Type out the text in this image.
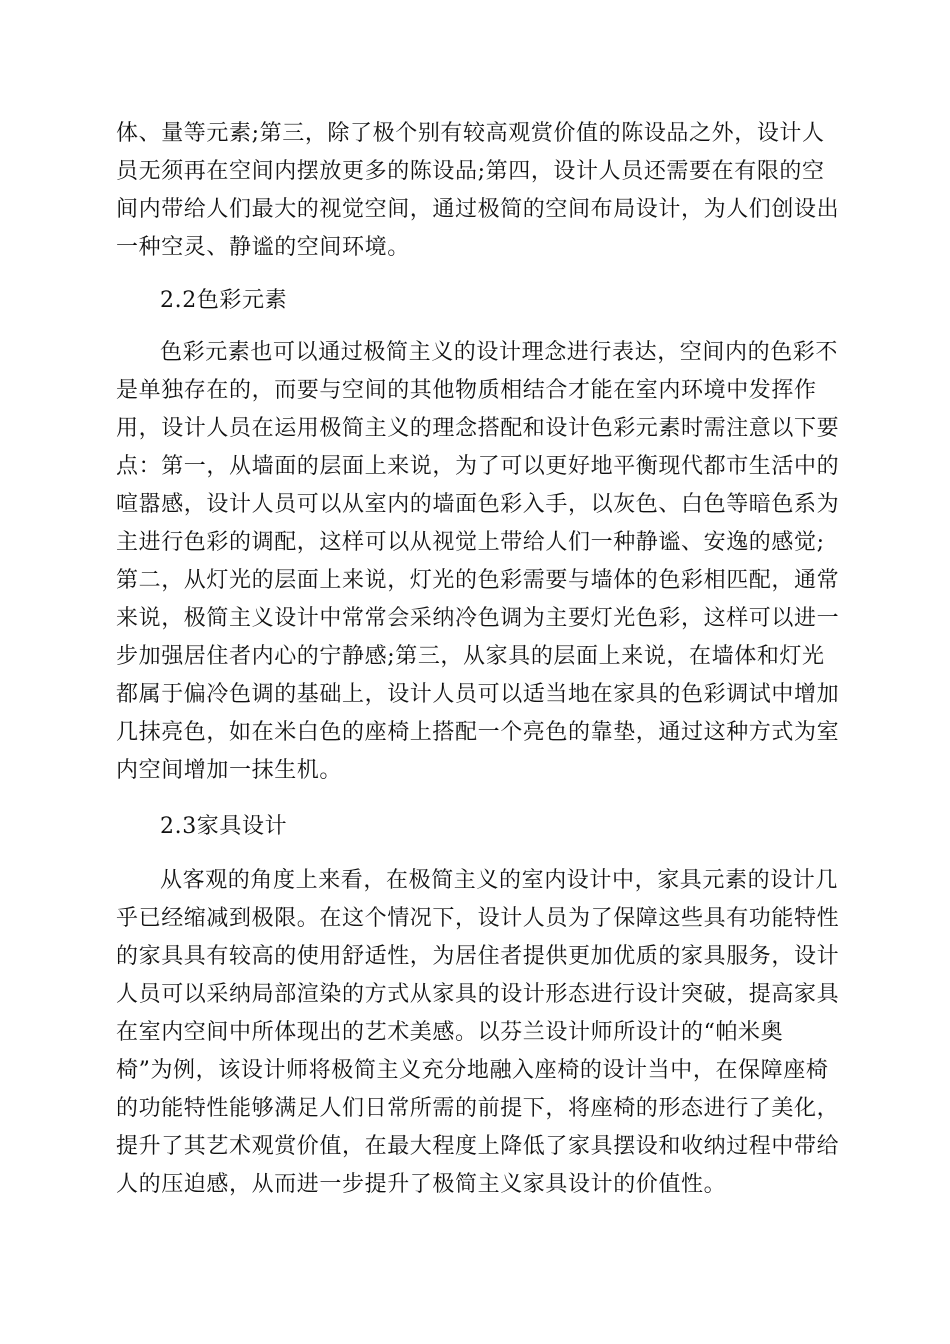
体、量等元素;第三，除了极个别有较高观赏价值的陈设品之外，设计人
员无须再在空间内摆放更多的陈设品;第四，设计人员还需要在有限的空
间内带给人们最大的视觉空间，通过极简的空间布局设计，为人们创设出
一种空灵、静谧的空间环境。
2.2色彩元素
色彩元素也可以通过极简主义的设计理念进行表达，空间内的色彩不
是单独存在的，而要与空间的其他物质相结合才能在室内环境中发挥作
用，设计人员在运用极简主义的理念搭配和设计色彩元素时需注意以下要
点：第一，从墙面的层面上来说，为了可以更好地平衡现代都市生活中的
喧嚣感，设计人员可以从室内的墙面色彩入手，以灰色、白色等暗色系为
主进行色彩的调配，这样可以从视觉上带给人们一种静谧、安逸的感觉;
第二，从灯光的层面上来说，灯光的色彩需要与墙体的色彩相匹配，通常
来说，极简主义设计中常常会采纳冷色调为主要灯光色彩，这样可以进一
步加强居住者内心的宁静感;第三，从家具的层面上来说，在墙体和灯光
都属于偏冷色调的基础上，设计人员可以适当地在家具的色彩调试中增加
几抹亮色，如在米白色的座椅上搭配一个亮色的靠垫，通过这种方式为室
内空间增加一抹生机。
2.3家具设计
从客观的角度上来看，在极简主义的室内设计中，家具元素的设计几
乎已经缩减到极限。在这个情况下，设计人员为了保障这些具有功能特性
的家具具有较高的使用舒适性，为居住者提供更加优质的家具服务，设计
人员可以采纳局部渲染的方式从家具的设计形态进行设计突破，提高家具
在室内空间中所体现出的艺术美感。以芬兰设计师所设计的“帕米奥
椅”为例，该设计师将极简主义充分地融入座椅的设计当中，在保障座椅
的功能特性能够满足人们日常所需的前提下，将座椅的形态进行了美化，
提升了其艺术观赏价值，在最大程度上降低了家具摆设和收纳过程中带给
人的压迫感，从而进一步提升了极简主义家具设计的价值性。
